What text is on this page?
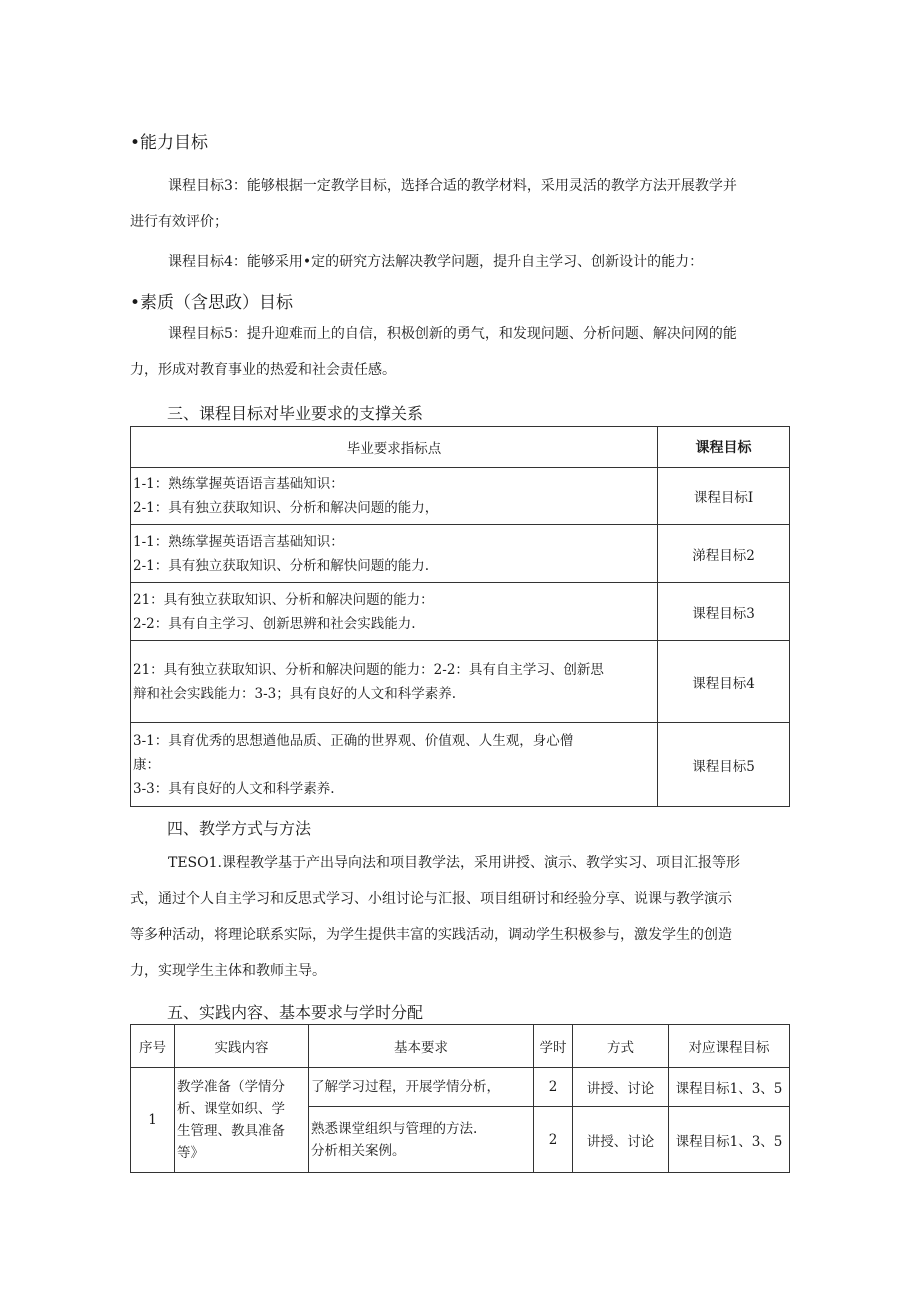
•能力目标
课程目标3：能够根据一定教学目标，选择合适的教学材料，采用灵活的教学方法开展教学并
进行有效评价；
课程目标4：能够采用•定的研究方法解决教学问题，提升自主学习、创新设计的能力：
•素质（含思政）目标
课程目标5：提升迎难而上的自信，积极创新的勇气，和发现问题、分析问题、解决问网的能
力，形成对教育事业的热爱和社会责任感。
三、课程目标对毕业要求的支撑关系
毕业要求指标点	课程目标

1-1：熟练掌握英语语言基础知识：
2-1：具有独立获取知识、分析和解决问题的能力，	课程目标I

1-1：熟练掌握英语语言基础知识：
2-1：具有独立获取知识、分析和解快问题的能力.	涕程目标2

21：具有独立获取知识、分析和解决问题的能力：
2-2：具有自主学习、创新思辨和社会实践能力.	课程目标3

21：具有独立获取知识、分析和解决问题的能力：2-2：具有自主学习、创新思
辩和社会实践能力：3-3；具有良好的人文和科学素养.	课程目标4

3-1：具育优秀的思想遒他品质、正确的世界观、价值观、人生观，身心僧
康：
3-3：具有良好的人文和科学素养.	课程目标5
四、教学方式与方法
TESO1.课程教学基于产出导向法和项目教学法，采用讲授、演示、教学实习、项目汇报等形
式，通过个人自主学习和反思式学习、小组讨论与汇报、项目组研讨和经验分享、说课与教学演示
等多种活动，将理论联系实际，为学生提供丰富的实践活动，调动学生积极参与，激发学生的创造
力，实现学生主体和教师主导。
五、实践内容、基本要求与学时分配
序号	实践内容	基本要求	学时	方式	对应课程目标
1	教学准备（学情分
析、课堂如织、学
生管理、教具准备
等》	了解学习过程，开展学情分析，	2	讲授、讨论	课程目标1、3、5

		熟悉课堂组织与管理的方法.
分析相关案例。	2	讲授、讨论	课程目标1、3、5
